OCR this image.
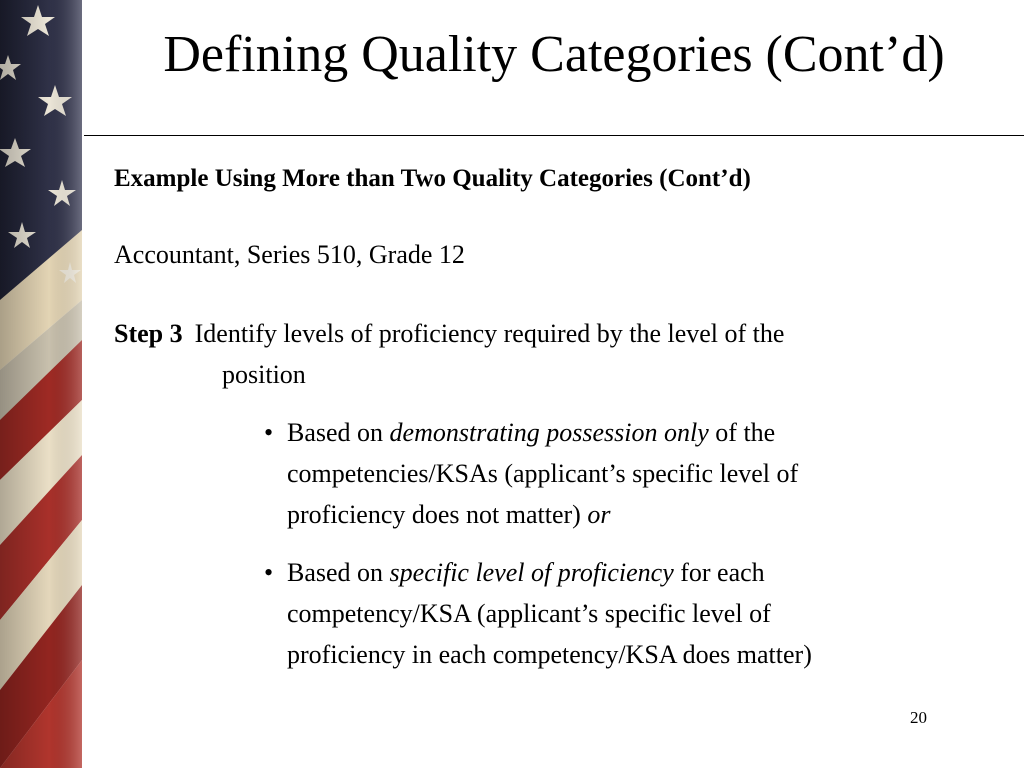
Defining Quality Categories (Cont’d)
Example Using More than Two Quality Categories (Cont’d)
Accountant, Series 510, Grade 12
Step 3 Identify levels of proficiency required by the level of the
position
• Based on demonstrating possession only of the
competencies/KSAs (applicant’s specific level of
proficiency does not matter) or
• Based on specific level of proficiency for each
competency/KSA (applicant’s specific level of
proficiency in each competency/KSA does matter)
20
